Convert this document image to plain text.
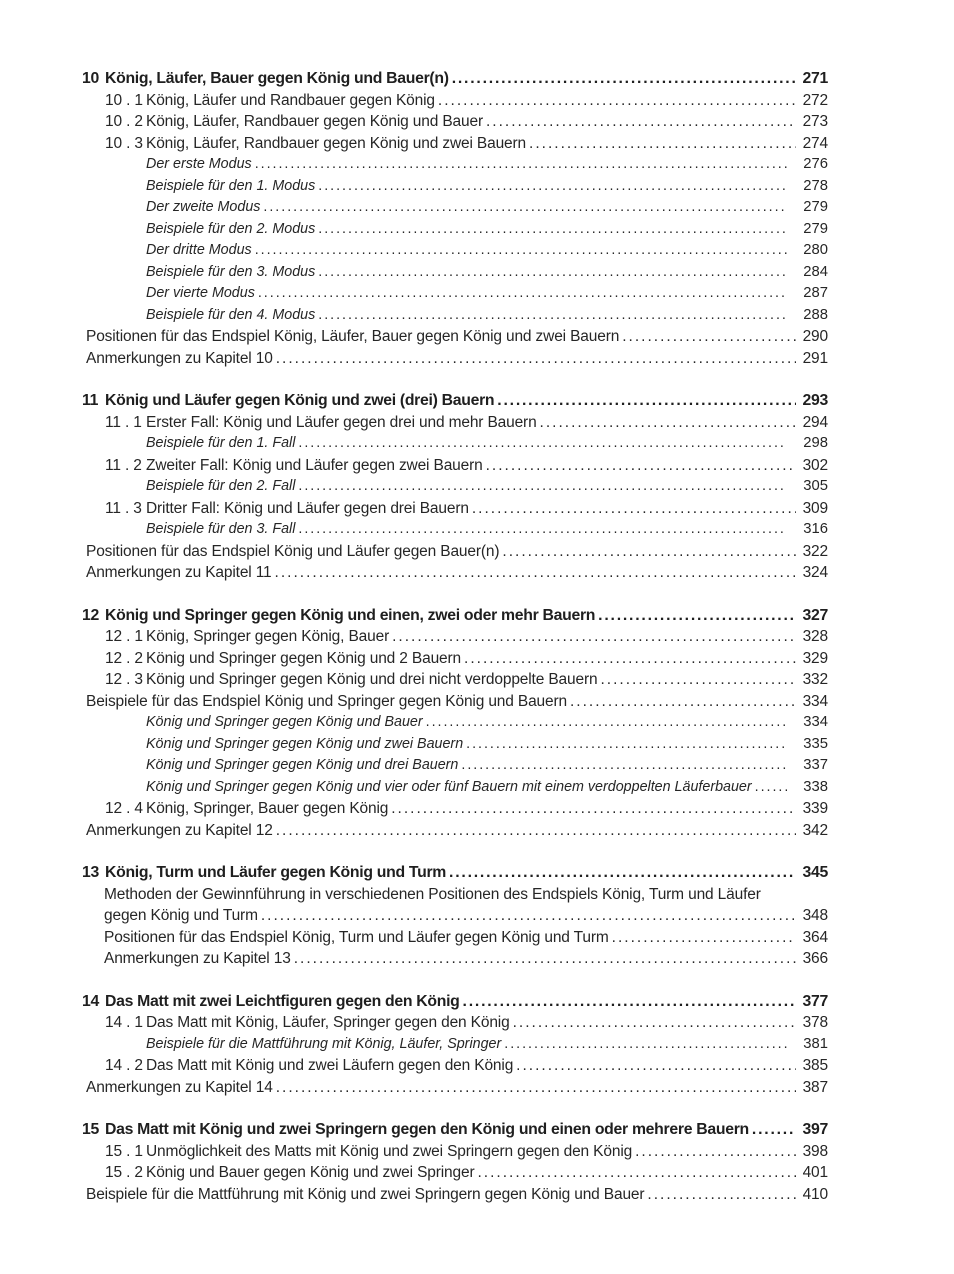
10 König, Läufer, Bauer gegen König und Bauer(n) . . .	271
10 . 1 König, Läufer und Randbauer gegen König . . .	272
10 . 2 König, Läufer, Randbauer gegen König und Bauer . . .	273
10 . 3 König, Läufer, Randbauer gegen König und zwei Bauern . . .	274
Der erste Modus . . .	276
Beispiele für den 1. Modus . . .	278
Der zweite Modus . . .	279
Beispiele für den 2. Modus . . .	279
Der dritte Modus . . .	280
Beispiele für den 3. Modus . . .	284
Der vierte Modus . . .	287
Beispiele für den 4. Modus . . .	288
Positionen für das Endspiel König, Läufer, Bauer gegen König und zwei Bauern . . .	290
Anmerkungen zu Kapitel 10 . . .	291
11 König und Läufer gegen König und zwei (drei) Bauern . . .	293
11 . 1 Erster Fall: König und Läufer gegen drei und mehr Bauern . . .	294
Beispiele für den 1. Fall . . .	298
11 . 2 Zweiter Fall: König und Läufer gegen zwei Bauern . . .	302
Beispiele für den 2. Fall . . .	305
11 . 3 Dritter Fall: König und Läufer gegen drei Bauern . . .	309
Beispiele für den 3. Fall . . .	316
Positionen für das Endspiel König und Läufer gegen Bauer(n) . . .	322
Anmerkungen zu Kapitel 11 . . .	324
12 König und Springer gegen König und einen, zwei oder mehr Bauern . . .	327
12 . 1 König, Springer gegen König, Bauer . . .	328
12 . 2 König und Springer gegen König und 2 Bauern . . .	329
12 . 3 König und Springer gegen König und drei nicht verdoppelte Bauern . . .	332
Beispiele für das Endspiel König und Springer gegen König und Bauern . . .	334
König und Springer gegen König und Bauer . . .	334
König und Springer gegen König und zwei Bauern . . .	335
König und Springer gegen König und drei Bauern . . .	337
König und Springer gegen König und vier oder fünf Bauern mit einem verdoppelten Läuferbauer . . .	338
12 . 4 König, Springer, Bauer gegen König . . .	339
Anmerkungen zu Kapitel 12 . . .	342
13 König, Turm und Läufer gegen König und Turm . . .	345
Methoden der Gewinnführung in verschiedenen Positionen des Endspiels König, Turm und Läufer
gegen König und Turm . . .	348
Positionen für das Endspiel König, Turm und Läufer gegen König und Turm . . .	364
Anmerkungen zu Kapitel 13 . . .	366
14 Das Matt mit zwei Leichtfiguren gegen den König . . .	377
14 . 1 Das Matt mit König, Läufer, Springer gegen den König . . .	378
Beispiele für die Mattführung mit König, Läufer, Springer . . .	381
14 . 2 Das Matt mit König und zwei Läufern gegen den König . . .	385
Anmerkungen zu Kapitel 14 . . .	387
15 Das Matt mit König und zwei Springern gegen den König und einen oder mehrere Bauern . . .	397
15 . 1 Unmöglichkeit des Matts mit König und zwei Springern gegen den König . . .	398
15 . 2 König und Bauer gegen König und zwei Springer . . .	401
Beispiele für die Mattführung mit König und zwei Springern gegen König und Bauer . . .	410
